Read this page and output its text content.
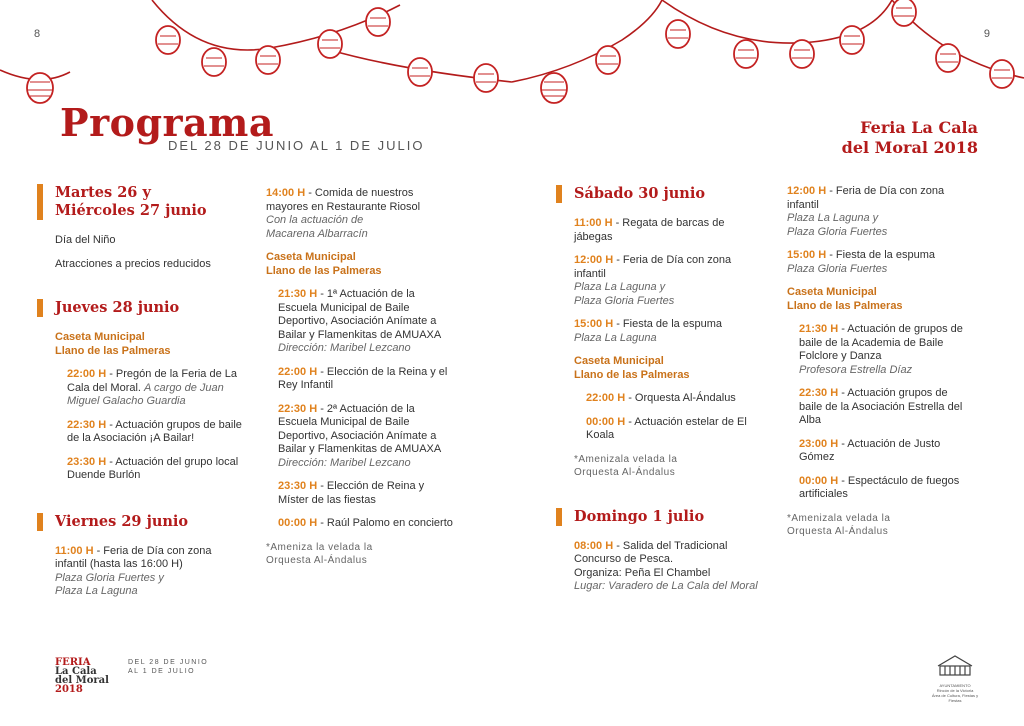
8
Programa
DEL 28 DE JUNIO AL 1 DE JULIO
Martes 26 y
Miércoles 27 junio
Día del Niño
Atracciones a precios reducidos
Jueves 28 junio
Caseta Municipal
Llano de las Palmeras
22:00 H - Pregón de la Feria de La Cala del Moral. A cargo de Juan Miguel Galacho Guardia
22:30 H - Actuación grupos de baile de la Asociación ¡A Bailar!
23:30 H - Actuación del grupo local Duende Burlón
Viernes 29 junio
11:00 H - Feria de Día con zona infantil (hasta las 16:00 H)
Plaza Gloria Fuertes y
Plaza La Laguna
14:00 H - Comida de nuestros mayores en Restaurante Riosol
Con la actuación de
Macarena Albarracín
Caseta Municipal
Llano de las Palmeras
21:30 H - 1ª Actuación de la Escuela Municipal de Baile Deportivo, Asociación Anímate a Bailar y Flamenkitas de AMUAXA
Dirección: Maribel Lezcano
22:00 H - Elección de la Reina y el Rey Infantil
22:30 H - 2ª Actuación de la Escuela Municipal de Baile Deportivo, Asociación Anímate a Bailar y Flamenkitas de AMUAXA
Dirección: Maribel Lezcano
23:30 H - Elección de Reina y Míster de las fiestas
00:00 H - Raúl Palomo en concierto
*Ameniza la velada la
Orquesta Al-Ándalus
FERIA
La Cala
del Moral
2018
DEL 28 DE JUNIO
AL 1 DE JULIO
9
Feria La Cala
del Moral 2018
Sábado 30 junio
11:00 H - Regata de barcas de jábegas
12:00 H - Feria de Día con zona infantil
Plaza La Laguna y
Plaza Gloria Fuertes
15:00 H - Fiesta de la espuma
Plaza La Laguna
Caseta Municipal
Llano de las Palmeras
22:00 H - Orquesta Al-Ándalus
00:00 H - Actuación estelar de El Koala
*Amenizala velada la
Orquesta Al-Ándalus
Domingo 1 julio
08:00 H - Salida del Tradicional Concurso de Pesca.
Organiza: Peña El Chambel
Lugar: Varadero de La Cala del Moral
12:00 H - Feria de Día con zona infantil
Plaza La Laguna y
Plaza Gloria Fuertes
15:00 H - Fiesta de la espuma
Plaza Gloria Fuertes
Caseta Municipal
Llano de las Palmeras
21:30 H - Actuación de grupos de baile de la Academia de Baile Folclore y Danza
Profesora Estrella Díaz
22:30 H - Actuación grupos de baile de la Asociación Estrella del Alba
23:00 H - Actuación de Justo Gómez
00:00 H - Espectáculo de fuegos artificiales
*Amenizala velada la
Orquesta Al-Ándalus
AYUNTAMIENTO
Rincón de la Victoria
Área de Cultura, Fiestas y Fiestas
